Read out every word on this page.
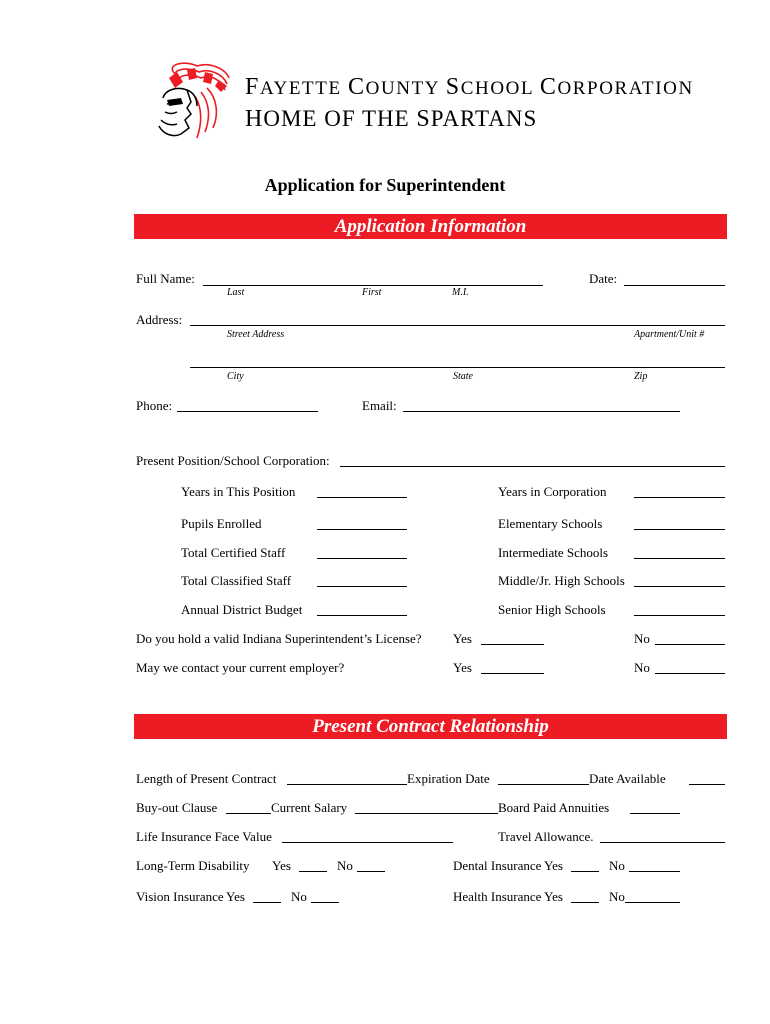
FAYETTE COUNTY SCHOOL CORPORATION
HOME OF THE SPARTANS
Application for Superintendent
Application Information
Full Name:
Last	First	M.I.
Date:
Address:
Street Address	Apartment/Unit #
City	State	Zip
Phone:	Email:
Present Position/School Corporation:
Years in This Position	Years in Corporation
Pupils Enrolled	Elementary Schools
Total Certified Staff	Intermediate Schools
Total Classified Staff	Middle/Jr. High Schools
Annual District Budget	Senior High Schools
Do you hold a valid Indiana Superintendent’s License? Yes	No
May we contact your current employer?	Yes	No
Present Contract Relationship
Length of Present Contract	Expiration Date	Date Available
Buy-out Clause	Current Salary	Board Paid Annuities
Life Insurance Face Value	Travel Allowance.
Long-Term Disability Yes	No	Dental Insurance Yes	No
Vision Insurance Yes	No	Health Insurance Yes	No
